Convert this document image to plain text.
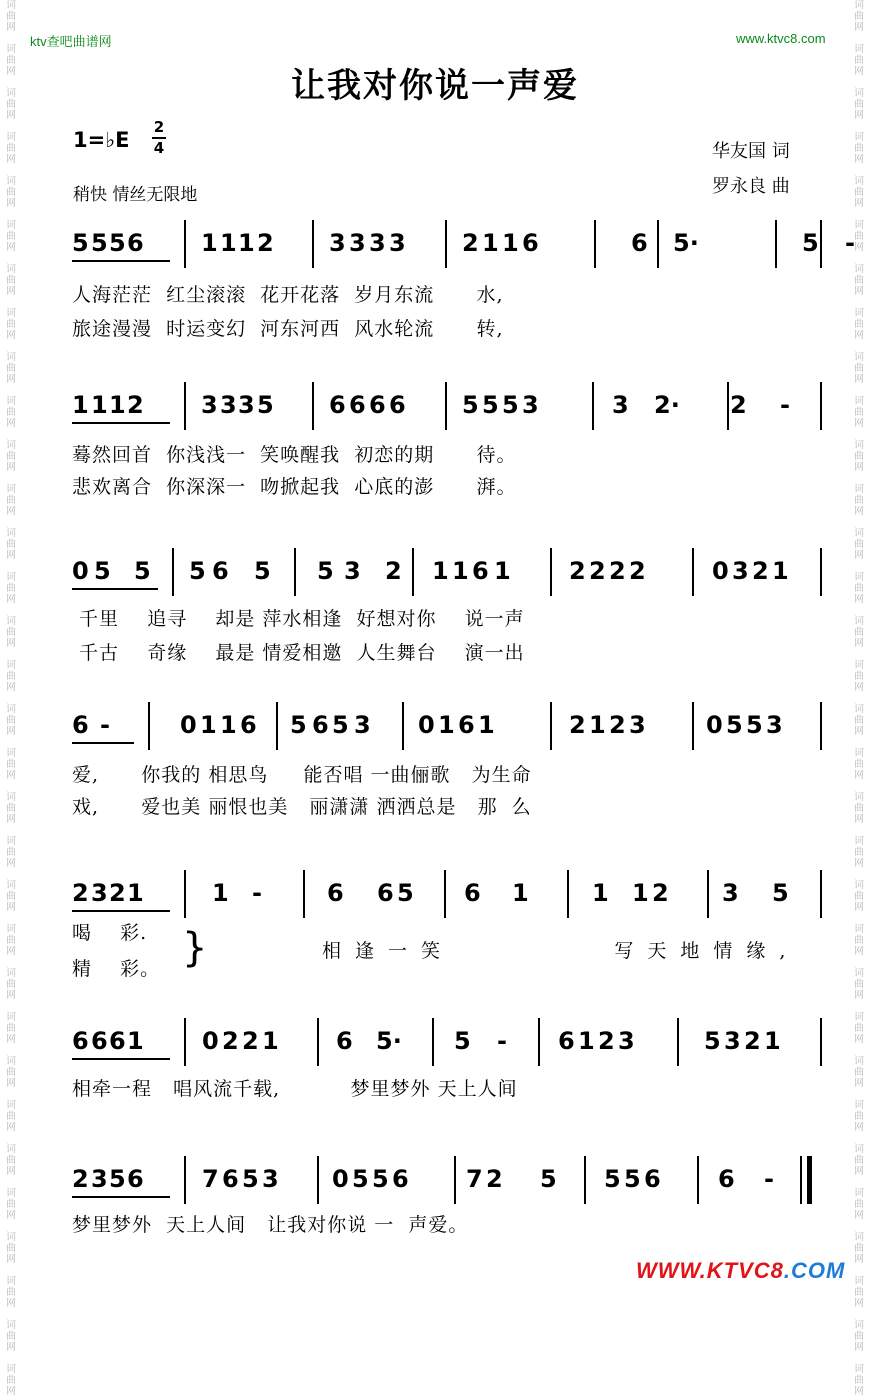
词
曲
网

词
曲
网

词
曲
网

词
曲
网

词
曲
网

词
曲
网

词
曲
网

词
曲
网

词
曲
网

词
曲
网

词
曲
网

词
曲
网

词
曲
网

词
曲
网

词
曲
网

词
曲
网

词
曲
网

词
曲
网

词
曲
网

词
曲
网

词
曲
网

词
曲
网

词
曲
网

词
曲
网

词
曲
网

词
曲
网

词
曲
网

词
曲
网

词
曲
网

词
曲
网

词
曲
网

词
曲
网
词
曲
网

词
曲
网

词
曲
网

词
曲
网

词
曲
网

词
曲
网

词
曲
网

词
曲
网

词
曲
网

词
曲
网

词
曲
网

词
曲
网

词
曲
网

词
曲
网

词
曲
网

词
曲
网

词
曲
网

词
曲
网

词
曲
网

词
曲
网

词
曲
网

词
曲
网

词
曲
网

词
曲
网

词
曲
网

词
曲
网

词
曲
网

词
曲
网

词
曲
网

词
曲
网

词
曲
网

词
曲
网
ktv查吧曲谱网	www.ktvc8.com
让我对你说一声爱
1=♭E
2
4
稍快 情丝无限地
华友国 词
罗永良 曲
5 5 5 6 1 1 1 2 3 3 3 3 2 1 1 6	6 5·	5 -
人海茫茫  红尘滚滚  花开花落  岁月东流      水,
旅途漫漫  时运变幻  河东河西  风水轮流      转,
1 1 1 2 3 3 3 5 6 6 6 6 5 5 5 3	3 2· 2 -
蓦然回首  你浅浅一  笑唤醒我  初恋的期      待。
悲欢离合  你深深一  吻掀起我  心底的澎      湃。
0 5 5 5 6 5 5 3 2 1 1 6 1 2 2 2 2	0 3 2 1
千里    追寻    却是 萍水相逢  好想对你    说一声
千古    奇缘    最是 情爱相邀  人生舞台    演一出
6 -	0 1 1 6 5 6 5 3 0 1 6 1	2 1 2 3	0 5 5 3
爱,      你我的 相思鸟     能否唱 一曲俪歌   为生命
戏,      爱也美 丽恨也美   丽潇潇 洒洒总是   那  么
2 3 2 1	1 -	6 6 5 6 1	1 1 2 3 5
喝    彩.
精    彩。 }	相逢一笑        写天地情缘,
6 6 6 1 0 2 2 1 6 5· 5 - 6 1 2 3	5 3 2 1
相牵一程   唱风流千载,          梦里梦外 天上人间
2 3 5 6 7 6 5 3 0 5 5 6 7 2 5 5 5 6 6 -
梦里梦外  天上人间   让我对你说 一  声爱。
WWW.KTVC8.COM
